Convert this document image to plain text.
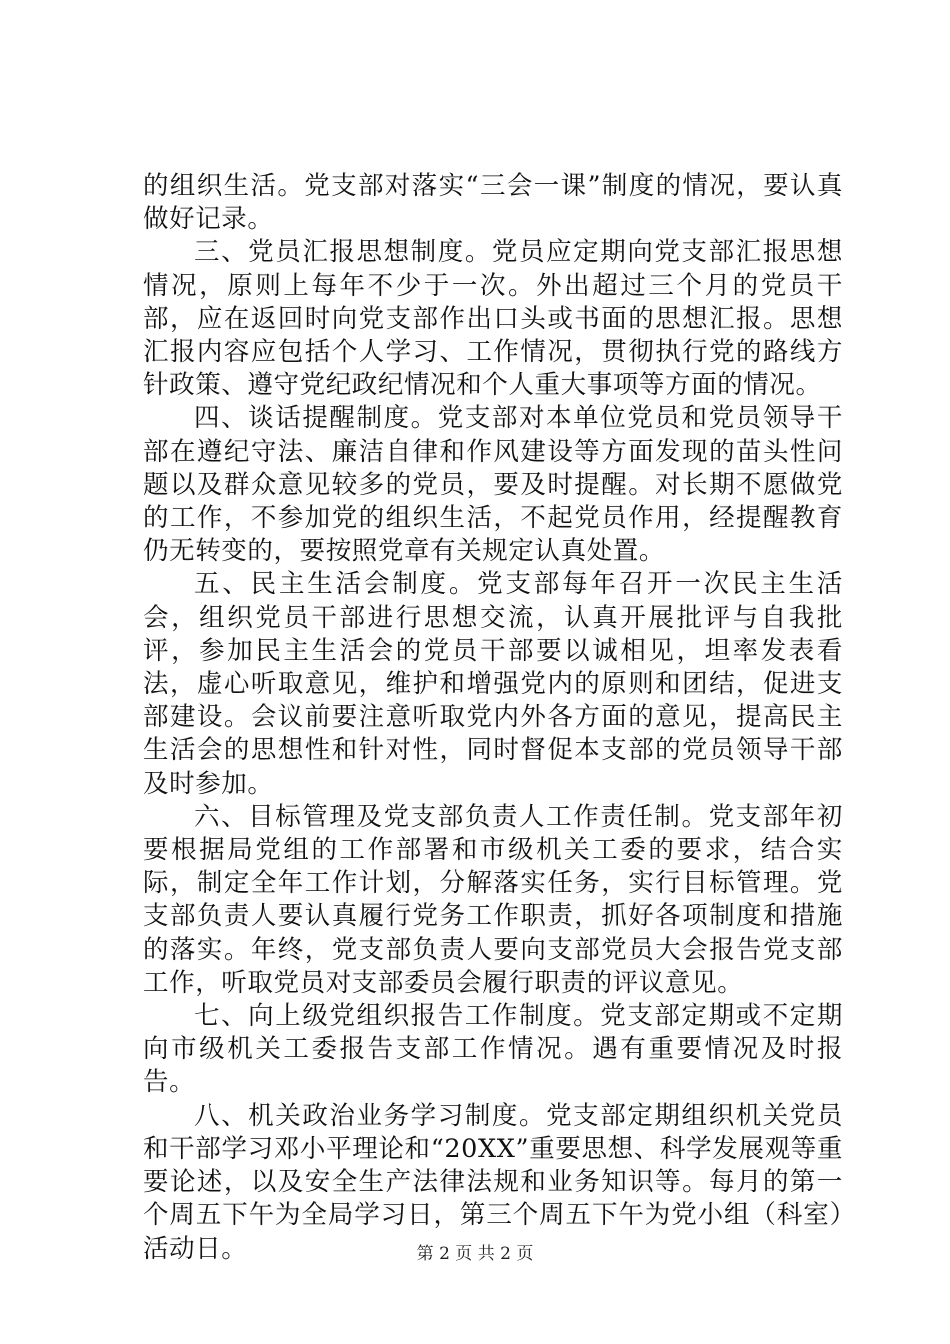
的组织生活。党支部对落实“三会一课”制度的情况，要认真做好记录。

三、党员汇报思想制度。党员应定期向党支部汇报思想情况，原则上每年不少于一次。外出超过三个月的党员干部，应在返回时向党支部作出口头或书面的思想汇报。思想汇报内容应包括个人学习、工作情况，贯彻执行党的路线方针政策、遵守党纪政纪情况和个人重大事项等方面的情况。

四、谈话提醒制度。党支部对本单位党员和党员领导干部在遵纪守法、廉洁自律和作风建设等方面发现的苗头性问题以及群众意见较多的党员，要及时提醒。对长期不愿做党的工作，不参加党的组织生活，不起党员作用，经提醒教育仍无转变的，要按照党章有关规定认真处置。

五、民主生活会制度。党支部每年召开一次民主生活会，组织党员干部进行思想交流，认真开展批评与自我批评，参加民主生活会的党员干部要以诚相见，坦率发表看法，虚心听取意见，维护和增强党内的原则和团结，促进支部建设。会议前要注意听取党内外各方面的意见，提高民主生活会的思想性和针对性，同时督促本支部的党员领导干部及时参加。

六、目标管理及党支部负责人工作责任制。党支部年初要根据局党组的工作部署和市级机关工委的要求，结合实际，制定全年工作计划，分解落实任务，实行目标管理。党支部负责人要认真履行党务工作职责，抓好各项制度和措施的落实。年终，党支部负责人要向支部党员大会报告党支部工作，听取党员对支部委员会履行职责的评议意见。

七、向上级党组织报告工作制度。党支部定期或不定期向市级机关工委报告支部工作情况。遇有重要情况及时报告。

八、机关政治业务学习制度。党支部定期组织机关党员和干部学习邓小平理论和“20XX”重要思想、科学发展观等重要论述，以及安全生产法律法规和业务知识等。每月的第一个周五下午为全局学习日，第三个周五下午为党小组（科室）活动日。	第 2 页 共 2 页
